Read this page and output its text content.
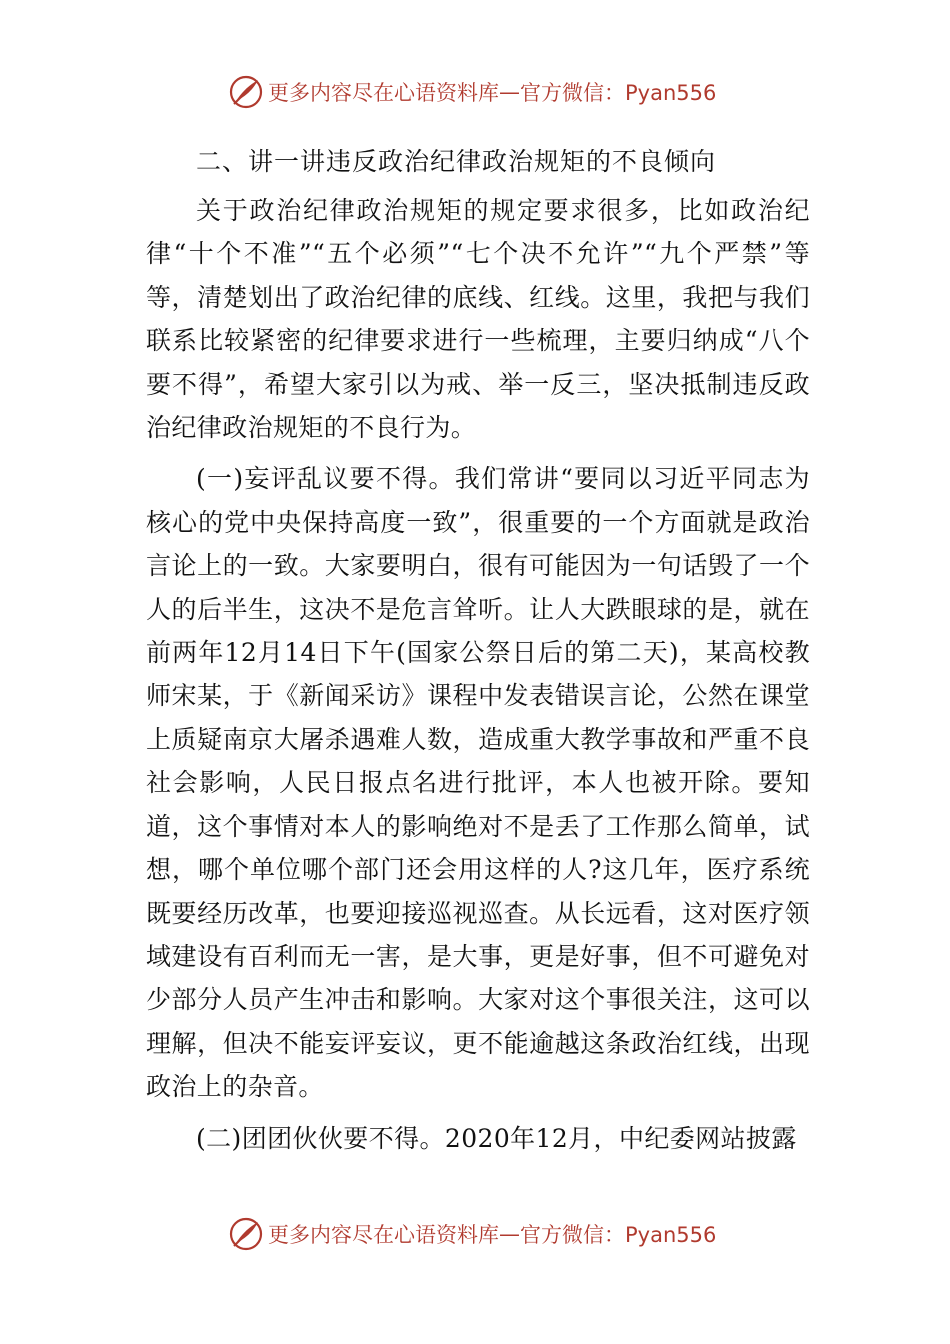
更多内容尽在心语资料库 — 官方微信：Pyan556
二、讲一讲违反政治纪律政治规矩的不良倾向

关于政治纪律政治规矩的规定要求很多，比如政治纪律“十个不准”“五个必须”“七个决不允许”“九个严禁”等等，清楚划出了政治纪律的底线、红线。这里，我把与我们联系比较紧密的纪律要求进行一些梳理，主要归纳成“八个要不得”，希望大家引以为戒、举一反三，坚决抵制违反政治纪律政治规矩的不良行为。

(一)妄评乱议要不得。我们常讲“要同以习近平同志为核心的党中央保持高度一致”，很重要的一个方面就是政治言论上的一致。大家要明白，很有可能因为一句话毁了一个人的后半生，这决不是危言耸听。让人大跌眼球的是，就在前两年12月14日下午(国家公祭日后的第二天)，某高校教师宋某，于《新闻采访》课程中发表错误言论，公然在课堂上质疑南京大屠杀遇难人数，造成重大教学事故和严重不良社会影响，人民日报点名进行批评，本人也被开除。要知道，这个事情对本人的影响绝对不是丢了工作那么简单，试想，哪个单位哪个部门还会用这样的人?这几年，医疗系统既要经历改革，也要迎接巡视巡查。从长远看，这对医疗领域建设有百利而无一害，是大事，更是好事，但不可避免对少部分人员产生冲击和影响。大家对这个事很关注，这可以理解，但决不能妄评妄议，更不能逾越这条政治红线，出现政治上的杂音。

(二)团团伙伙要不得。2020年12月，中纪委网站披露

更多内容尽在心语资料库 — 官方微信：Pyan556
